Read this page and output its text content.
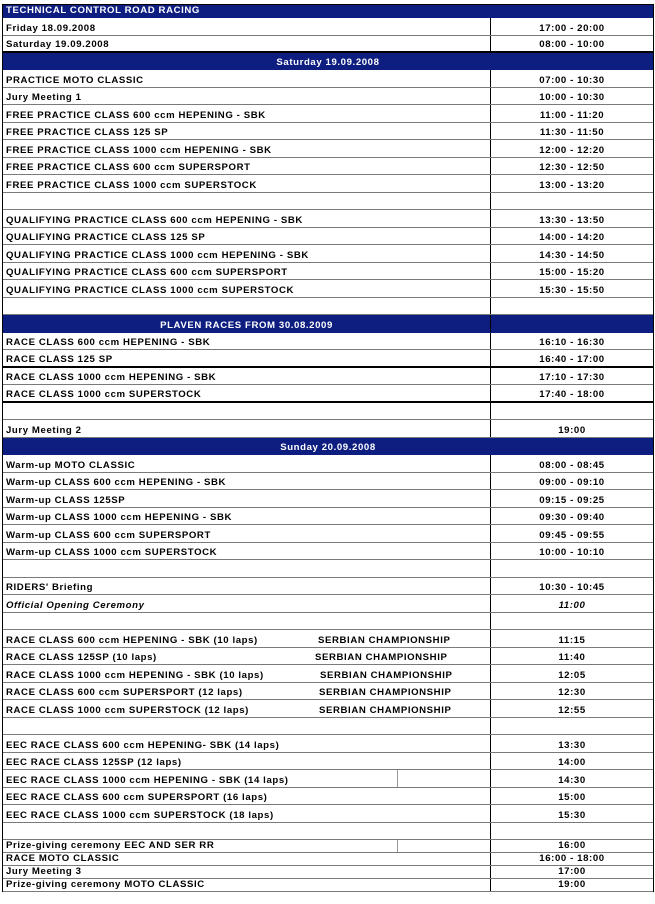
TECHNICAL CONTROL ROAD RACING
Friday 18.09.2008	17:00 - 20:00
Saturday 19.09.2008	08:00 - 10:00
Saturday 19.09.2008
PRACTICE MOTO CLASSIC	07:00 - 10:30
Jury Meeting 1	10:00 - 10:30
FREE PRACTICE CLASS 600 ccm HEPENING - SBK	11:00 - 11:20
FREE PRACTICE CLASS 125 SP	11:30 - 11:50
FREE PRACTICE CLASS 1000 ccm HEPENING - SBK	12:00 - 12:20
FREE PRACTICE CLASS 600 ccm SUPERSPORT	12:30 - 12:50
FREE PRACTICE CLASS 1000 ccm SUPERSTOCK	13:00 - 13:20
QUALIFYING PRACTICE CLASS 600 ccm HEPENING - SBK	13:30 - 13:50
QUALIFYING PRACTICE CLASS 125 SP	14:00 - 14:20
QUALIFYING PRACTICE CLASS 1000 ccm HEPENING - SBK	14:30 - 14:50
QUALIFYING PRACTICE CLASS 600 ccm SUPERSPORT	15:00 - 15:20
QUALIFYING PRACTICE CLASS 1000 ccm SUPERSTOCK	15:30 - 15:50
PLAVEN RACES FROM 30.08.2009
RACE CLASS 600 ccm HEPENING - SBK	16:10 - 16:30
RACE CLASS 125 SP	16:40 - 17:00
RACE CLASS 1000 ccm HEPENING - SBK	17:10 - 17:30
RACE CLASS 1000 ccm SUPERSTOCK	17:40 - 18:00
Jury Meeting 2	19:00
Sunday 20.09.2008
Warm-up MOTO CLASSIC	08:00 - 08:45
Warm-up CLASS 600 ccm HEPENING - SBK	09:00 - 09:10
Warm-up CLASS 125SP	09:15 - 09:25
Warm-up CLASS 1000 ccm HEPENING - SBK	09:30 - 09:40
Warm-up CLASS 600 ccm SUPERSPORT	09:45 - 09:55
Warm-up CLASS 1000 ccm SUPERSTOCK	10:00 - 10:10
RIDERS' Briefing	10:30 - 10:45
Official Opening Ceremony	11:00
RACE CLASS 600 ccm HEPENING - SBK (10 laps)	SERBIAN CHAMPIONSHIP	11:15
RACE CLASS 125SP (10 laps)	SERBIAN CHAMPIONSHIP	11:40
RACE CLASS 1000 ccm HEPENING - SBK (10 laps)	SERBIAN CHAMPIONSHIP	12:05
RACE CLASS 600 ccm SUPERSPORT (12 laps)	SERBIAN CHAMPIONSHIP	12:30
RACE CLASS 1000 ccm SUPERSTOCK (12 laps)	SERBIAN CHAMPIONSHIP	12:55
EEC RACE CLASS 600 ccm HEPENING- SBK (14 laps)	13:30
EEC RACE CLASS 125SP (12 laps)	14:00
EEC RACE CLASS 1000 ccm HEPENING - SBK (14 laps)	14:30
EEC RACE CLASS 600 ccm SUPERSPORT (16 laps)	15:00
EEC RACE CLASS 1000 ccm SUPERSTOCK (18 laps)	15:30
Prize-giving ceremony EEC AND SER RR	16:00
RACE MOTO CLASSIC	16:00 - 18:00
Jury Meeting 3	17:00
Prize-giving ceremony MOTO CLASSIC	19:00
